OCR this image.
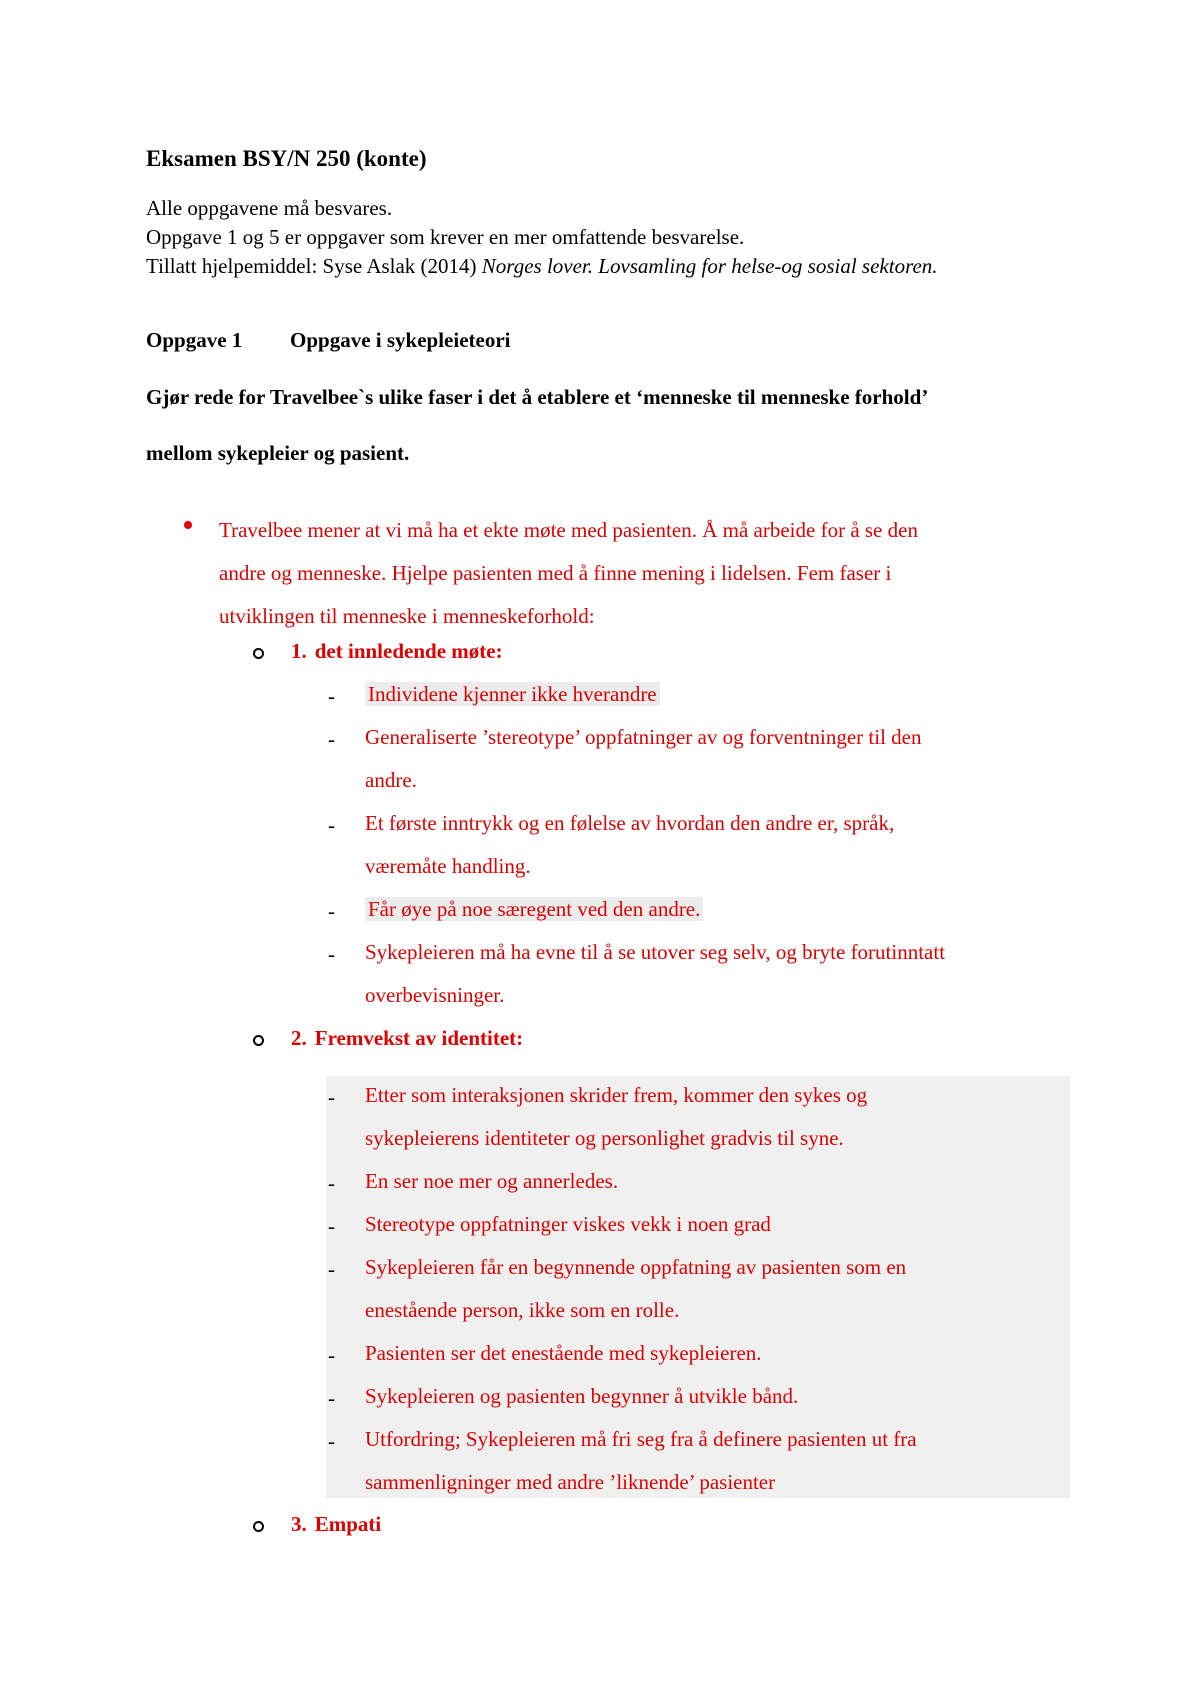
Eksamen BSY/N 250 (konte)
Alle oppgavene må besvares.
Oppgave 1 og 5 er oppgaver som krever en mer omfattende besvarelse.
Tillatt hjelpemiddel: Syse Aslak (2014) Norges lover. Lovsamling for helse-og sosial sektoren.
Oppgave 1 Oppgave i sykepleieteori
Gjør rede for Travelbee`s ulike faser i det å etablere et ‘menneske til menneske forhold’
mellom sykepleier og pasient.
Travelbee mener at vi må ha et ekte møte med pasienten. Å må arbeide for å se den
andre og menneske. Hjelpe pasienten med å finne mening i lidelsen. Fem faser i
utviklingen til menneske i menneskeforhold:
1. det innledende møte:
- Individene kjenner ikke hverandre
- Generaliserte ’stereotype’ oppfatninger av og forventninger til den
andre.
- Et første inntrykk og en følelse av hvordan den andre er, språk,
væremåte handling.
- Får øye på noe særegent ved den andre.
- Sykepleieren må ha evne til å se utover seg selv, og bryte forutinntatt
overbevisninger.
2. Fremvekst av identitet:
- Etter som interaksjonen skrider frem, kommer den sykes og
sykepleierens identiteter og personlighet gradvis til syne.
- En ser noe mer og annerledes.
- Stereotype oppfatninger viskes vekk i noen grad
- Sykepleieren får en begynnende oppfatning av pasienten som en
enestående person, ikke som en rolle.
- Pasienten ser det enestående med sykepleieren.
- Sykepleieren og pasienten begynner å utvikle bånd.
- Utfordring; Sykepleieren må fri seg fra å definere pasienten ut fra
sammenligninger med andre ’liknende’ pasienter
3. Empati
